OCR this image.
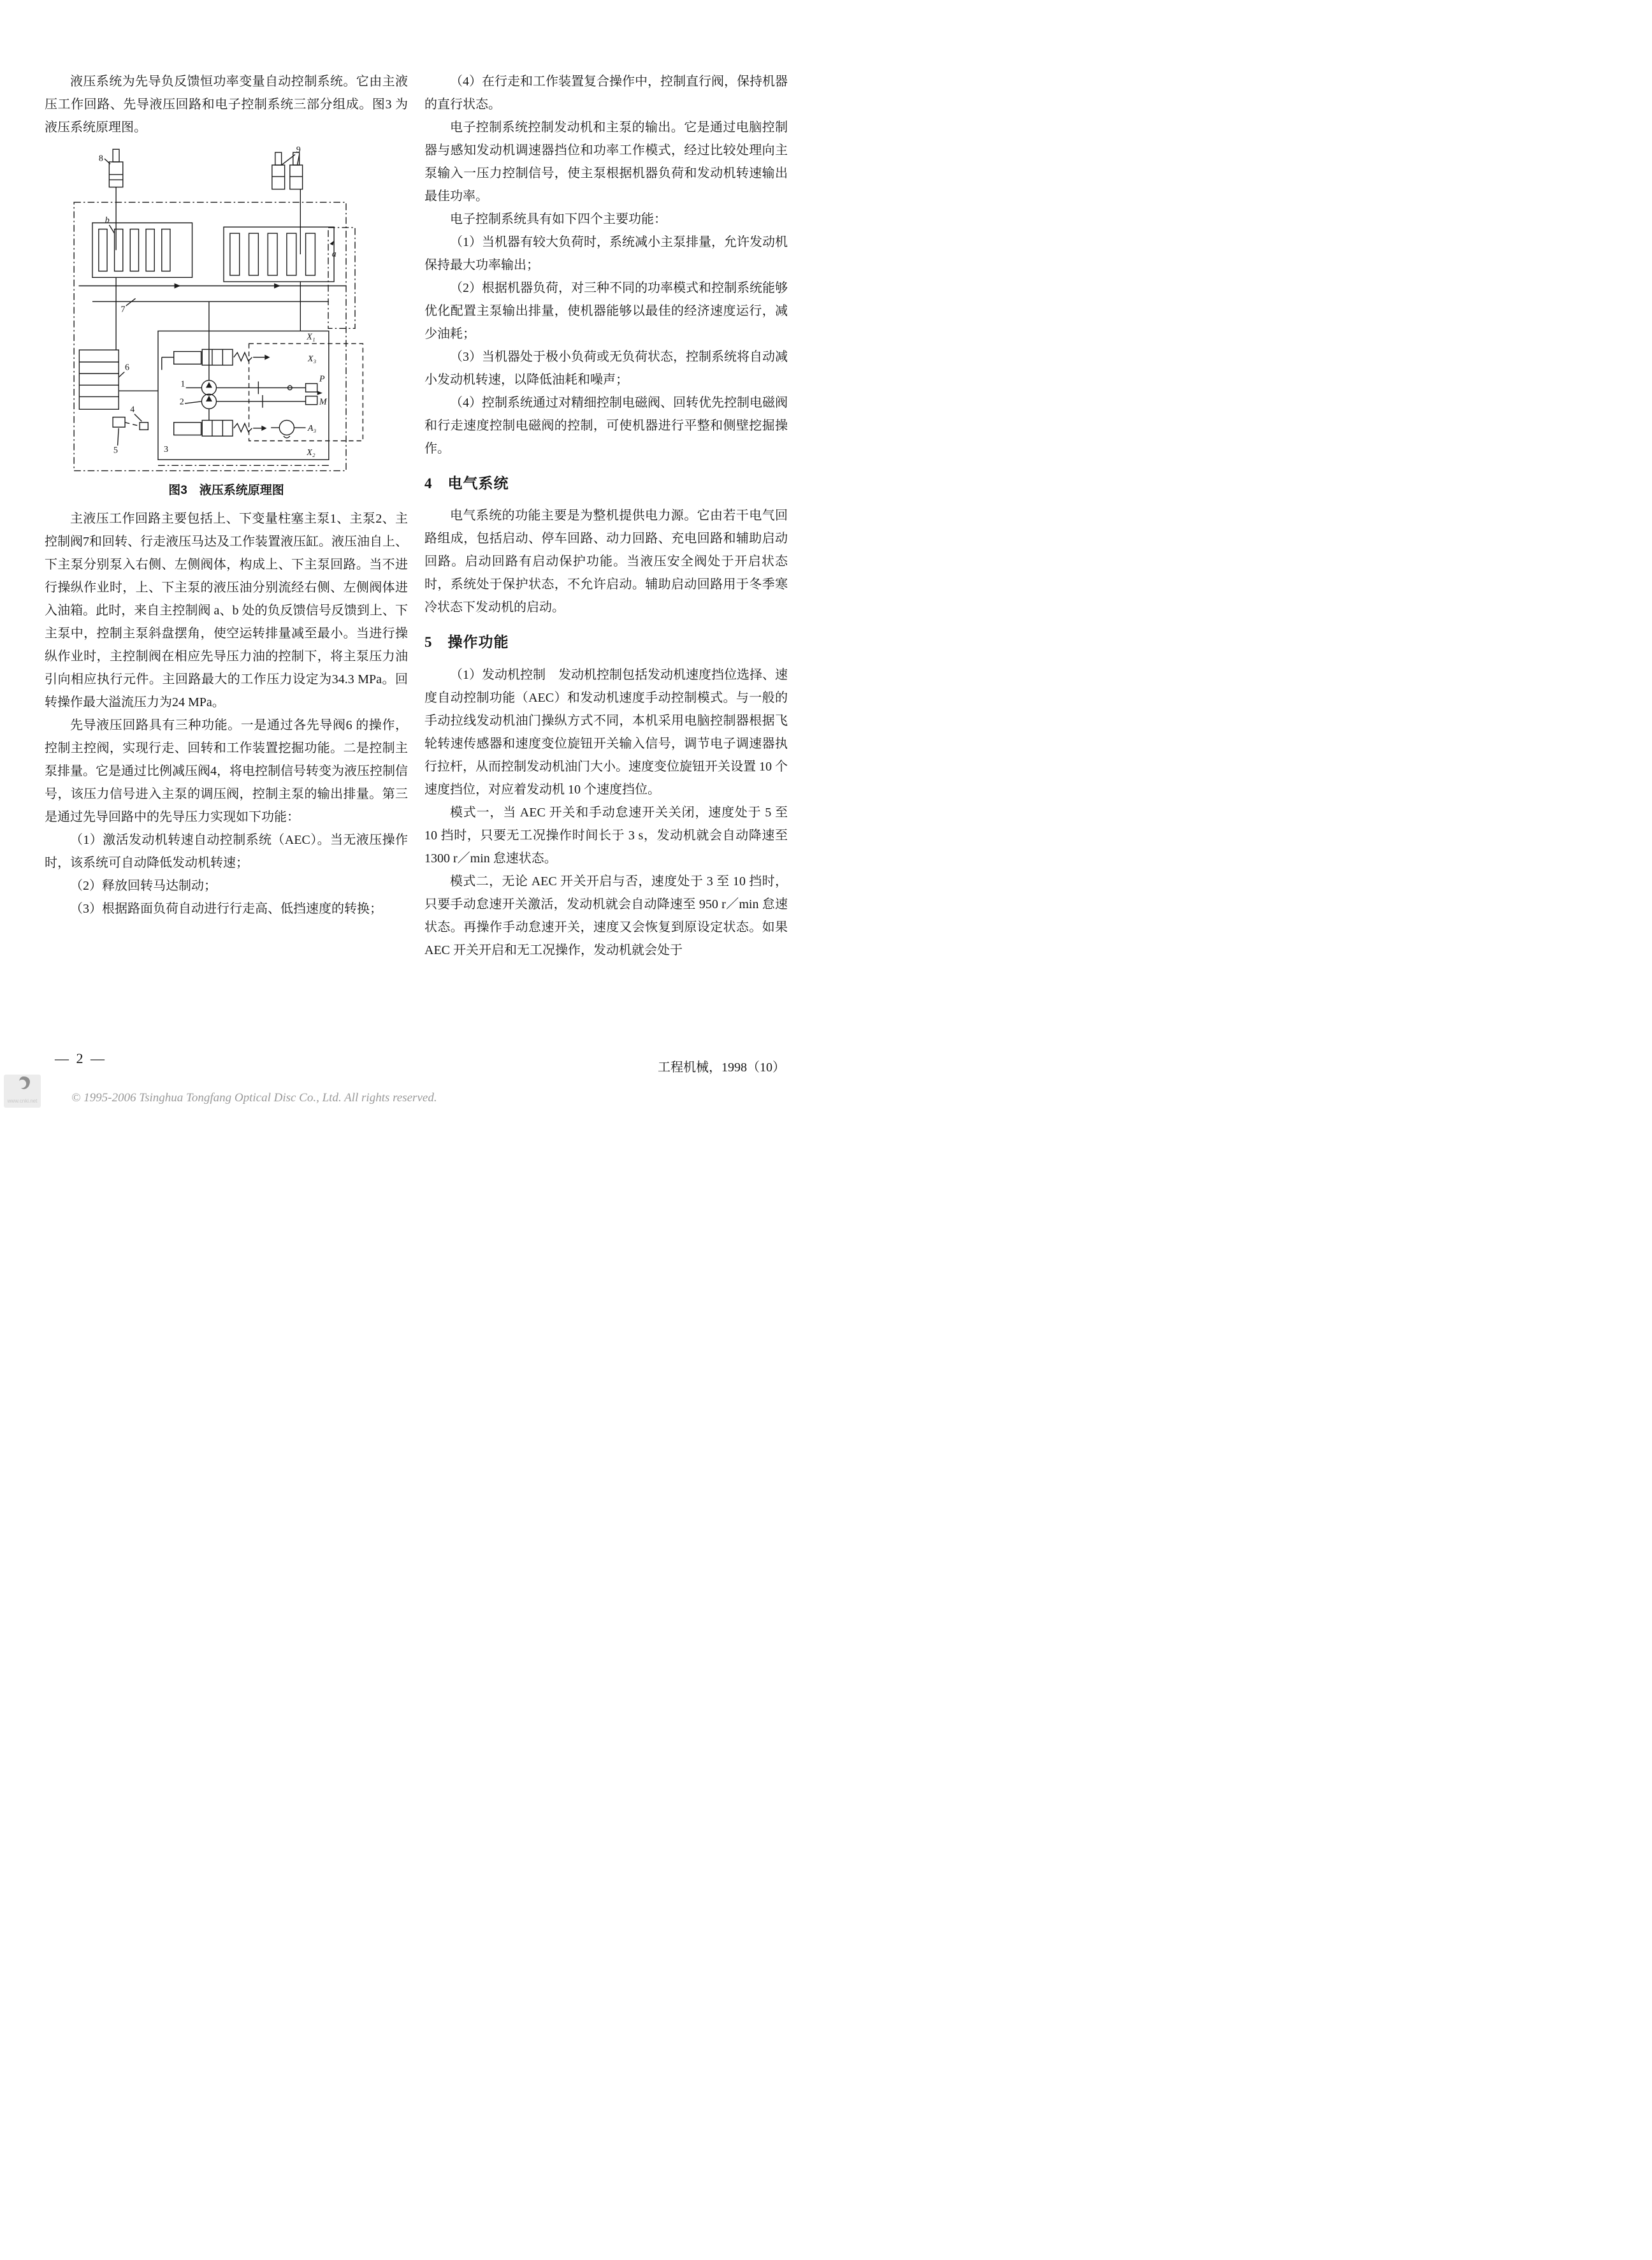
液压系统为先导负反馈恒功率变量自动控制系统。它由主液压工作回路、先导液压回路和电子控制系统三部分组成。图3 为液压系统原理图。

8
9
b
a
7
6
X₁
X₃
X₂
3
1
2
P
M
A₃
5
4
图3　液压系统原理图

主液压工作回路主要包括上、下变量柱塞主泵1、主泵2、主控制阀7和回转、行走液压马达及工作装置液压缸。液压油自上、下主泵分别泵入右侧、左侧阀体，构成上、下主泵回路。当不进行操纵作业时，上、下主泵的液压油分别流经右侧、左侧阀体进入油箱。此时，来自主控制阀 a、b 处的负反馈信号反馈到上、下主泵中，控制主泵斜盘摆角，使空运转排量减至最小。当进行操纵作业时，主控制阀在相应先导压力油的控制下，将主泵压力油引向相应执行元件。主回路最大的工作压力设定为34.3 MPa。回转操作最大溢流压力为24 MPa。

先导液压回路具有三种功能。一是通过各先导阀6 的操作，控制主控阀，实现行走、回转和工作装置挖掘功能。二是控制主泵排量。它是通过比例减压阀4，将电控制信号转变为液压控制信号，该压力信号进入主泵的调压阀，控制主泵的输出排量。第三是通过先导回路中的先导压力实现如下功能：

（1）激活发动机转速自动控制系统（AEC）。当无液压操作时，该系统可自动降低发动机转速；

（2）释放回转马达制动；

（3）根据路面负荷自动进行行走高、低挡速度的转换；

（4）在行走和工作装置复合操作中，控制直行阀，保持机器的直行状态。

电子控制系统控制发动机和主泵的输出。它是通过电脑控制器与感知发动机调速器挡位和功率工作模式，经过比较处理向主泵输入一压力控制信号，使主泵根据机器负荷和发动机转速输出最佳功率。

电子控制系统具有如下四个主要功能：

（1）当机器有较大负荷时，系统减小主泵排量，允许发动机保持最大功率输出；

（2）根据机器负荷，对三种不同的功率模式和控制系统能够优化配置主泵输出排量，使机器能够以最佳的经济速度运行，减少油耗；

（3）当机器处于极小负荷或无负荷状态，控制系统将自动减小发动机转速，以降低油耗和噪声；

（4）控制系统通过对精细控制电磁阀、回转优先控制电磁阀和行走速度控制电磁阀的控制，可使机器进行平整和侧壁挖掘操作。

4　电气系统

电气系统的功能主要是为整机提供电力源。它由若干电气回路组成，包括启动、停车回路、动力回路、充电回路和辅助启动回路。启动回路有启动保护功能。当液压安全阀处于开启状态时，系统处于保护状态，不允许启动。辅助启动回路用于冬季寒冷状态下发动机的启动。

5　操作功能

（1）发动机控制　发动机控制包括发动机速度挡位选择、速度自动控制功能（AEC）和发动机速度手动控制模式。与一般的手动拉线发动机油门操纵方式不同，本机采用电脑控制器根据飞轮转速传感器和速度变位旋钮开关输入信号，调节电子调速器执行拉杆，从而控制发动机油门大小。速度变位旋钮开关设置 10 个速度挡位，对应着发动机 10 个速度挡位。

模式一，当 AEC 开关和手动怠速开关关闭，速度处于 5 至 10 挡时，只要无工况操作时间长于 3 s，发动机就会自动降速至 1300 r／min 怠速状态。

模式二，无论 AEC 开关开启与否，速度处于 3 至 10 挡时，只要手动怠速开关激活，发动机就会自动降速至 950 r／min 怠速状态。再操作手动怠速开关，速度又会恢复到原设定状态。如果 AEC 开关开启和无工况操作，发动机就会处于

— 2 —
工程机械，1998（10）
www.cnki.net	© 1995-2006 Tsinghua Tongfang Optical Disc Co., Ltd. All rights reserved.
